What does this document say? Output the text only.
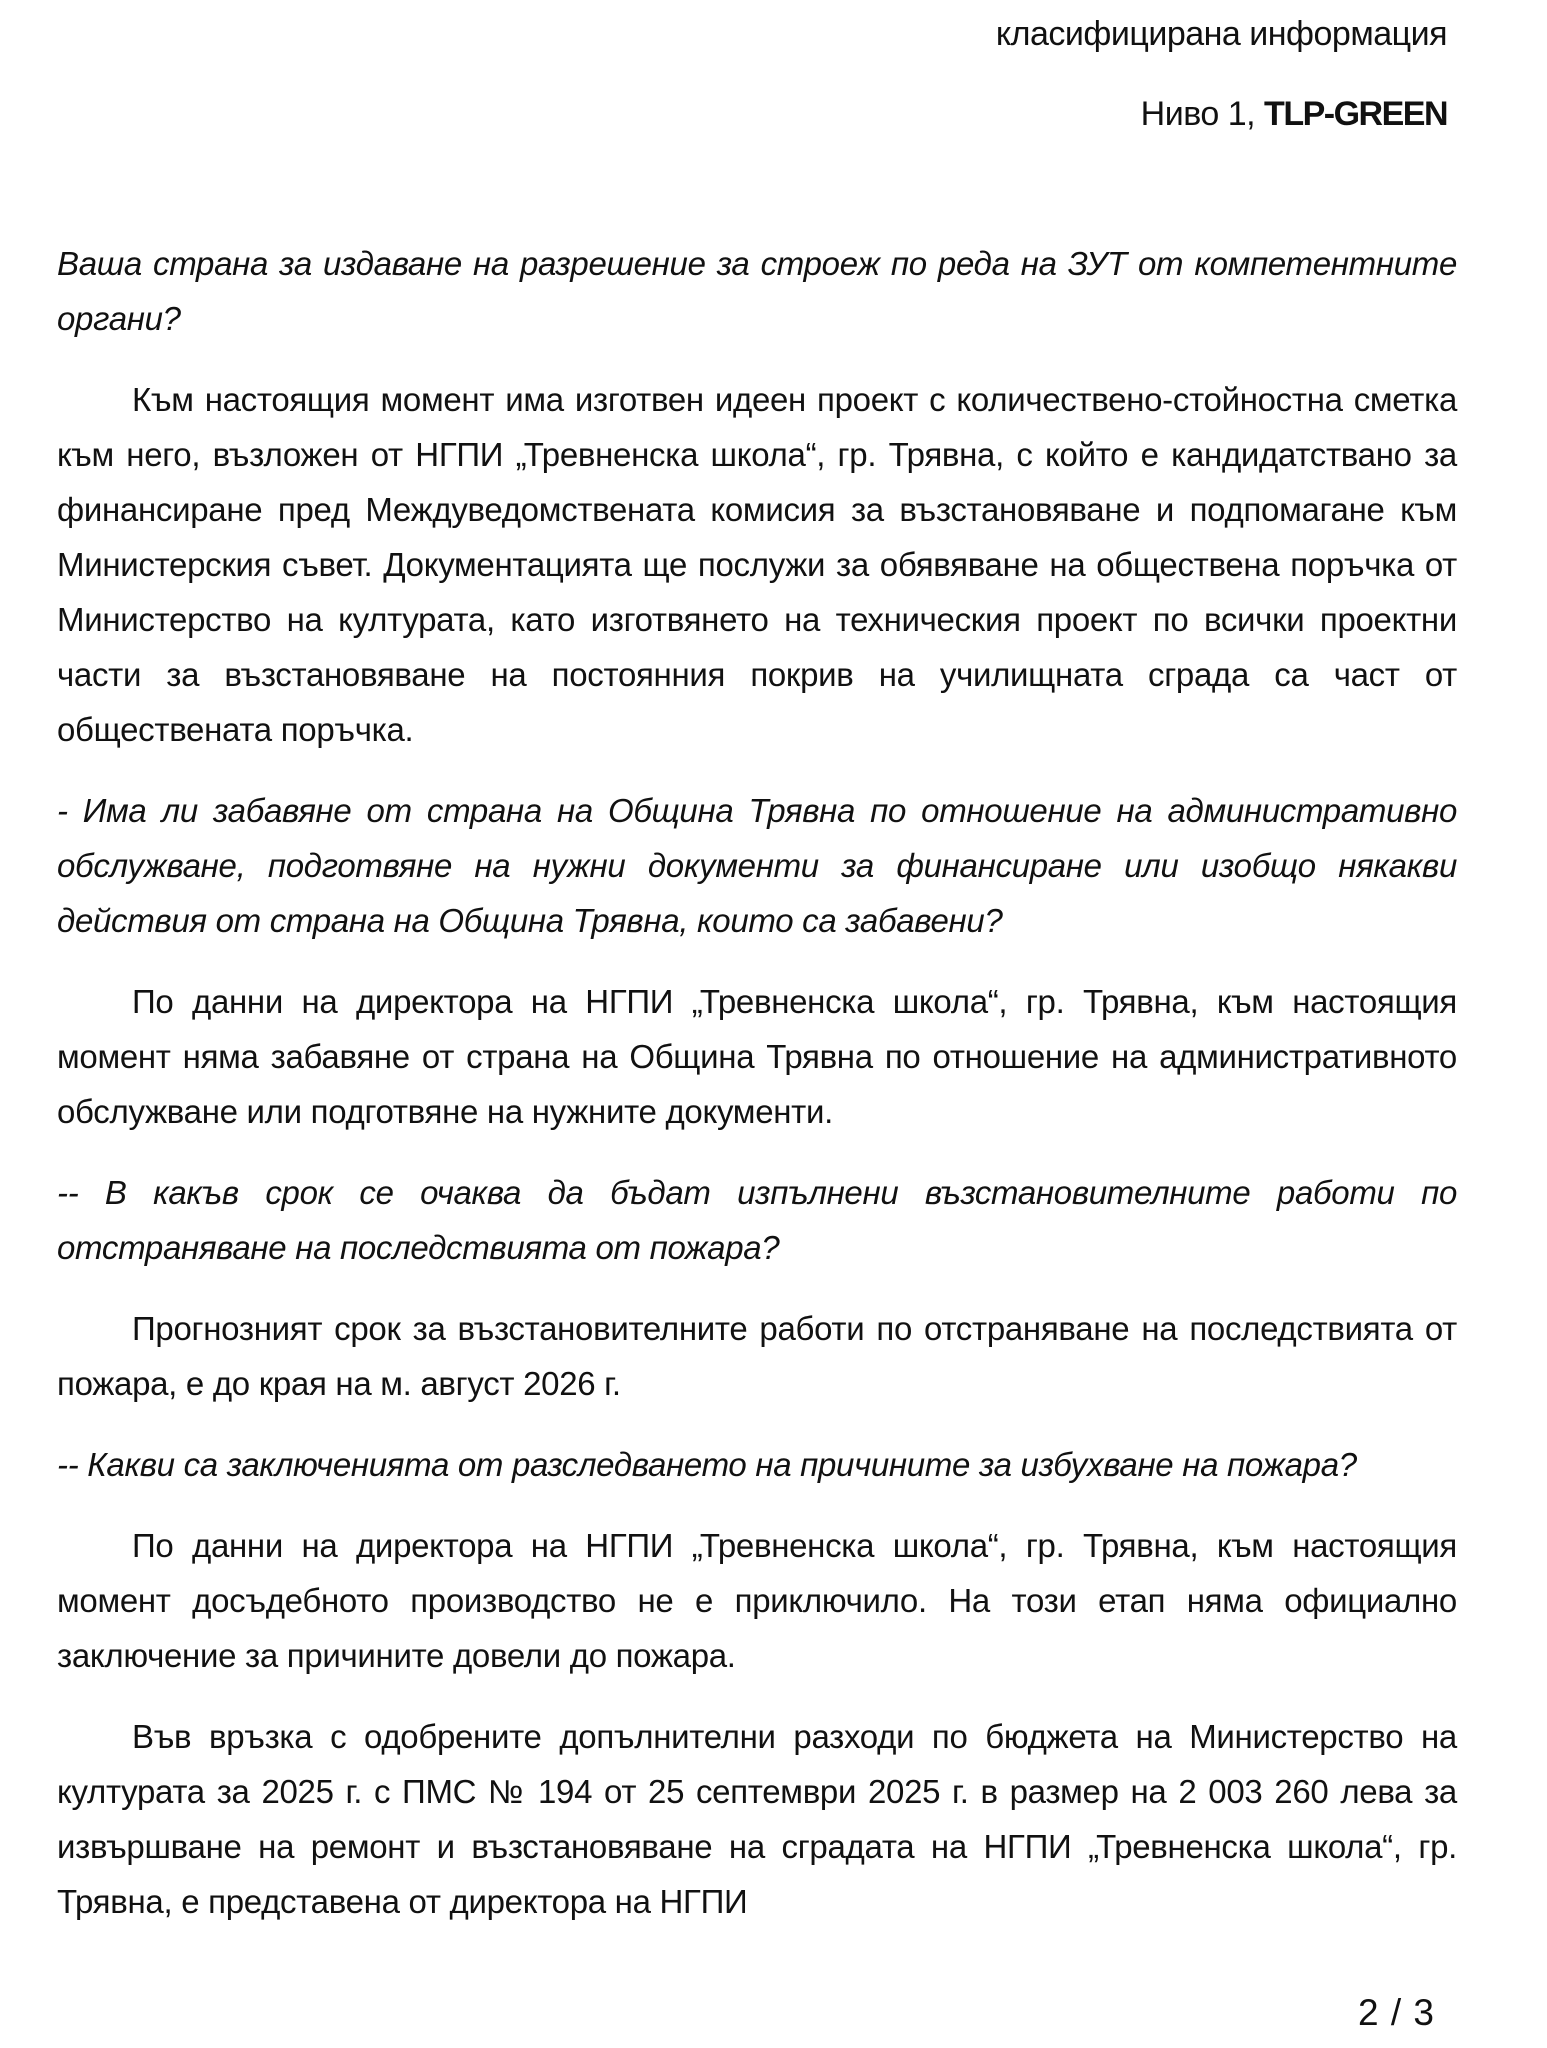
класифицирана информация
Ниво 1, TLP-GREEN

Ваша страна за издаване на разрешение за строеж по реда на ЗУТ от компетентните органи?

Към настоящия момент има изготвен идеен проект с количествено-стойностна сметка към него, възложен от НГПИ „Тревненска школа“, гр. Трявна, с който е кандидатствано за финансиране пред Междуведомствената комисия за възстановяване и подпомагане към Министерския съвет. Документацията ще послужи за обявяване на обществена поръчка от Министерство на културата, като изготвянето на техническия проект по всички проектни части за възстановяване на постоянния покрив на училищната сграда са част от обществената поръчка.

- Има ли забавяне от страна на Община Трявна по отношение на административно обслужване, подготвяне на нужни документи за финансиране или изобщо някакви действия от страна на Община Трявна, които са забавени?

По данни на директора на НГПИ „Тревненска школа“, гр. Трявна, към настоящия момент няма забавяне от страна на Община Трявна по отношение на административното обслужване или подготвяне на нужните документи.

-- В какъв срок се очаква да бъдат изпълнени възстановителните работи по отстраняване на последствията от пожара?

Прогнозният срок за възстановителните работи по отстраняване на последствията от пожара, е до края на м. август 2026 г.

-- Какви са заключенията от разследването на причините за избухване на пожара?

По данни на директора на НГПИ „Тревненска школа“, гр. Трявна, към настоящия момент досъдебното производство не е приключило. На този етап няма официално заключение за причините довели до пожара.

Във връзка с одобрените допълнителни разходи по бюджета на Министерство на културата за 2025 г. с ПМС № 194 от 25 септември 2025 г. в размер на 2 003 260 лева за извършване на ремонт и възстановяване на сградата на НГПИ „Тревненска школа“, гр. Трявна, е представена от директора на НГПИ

2 / 3
